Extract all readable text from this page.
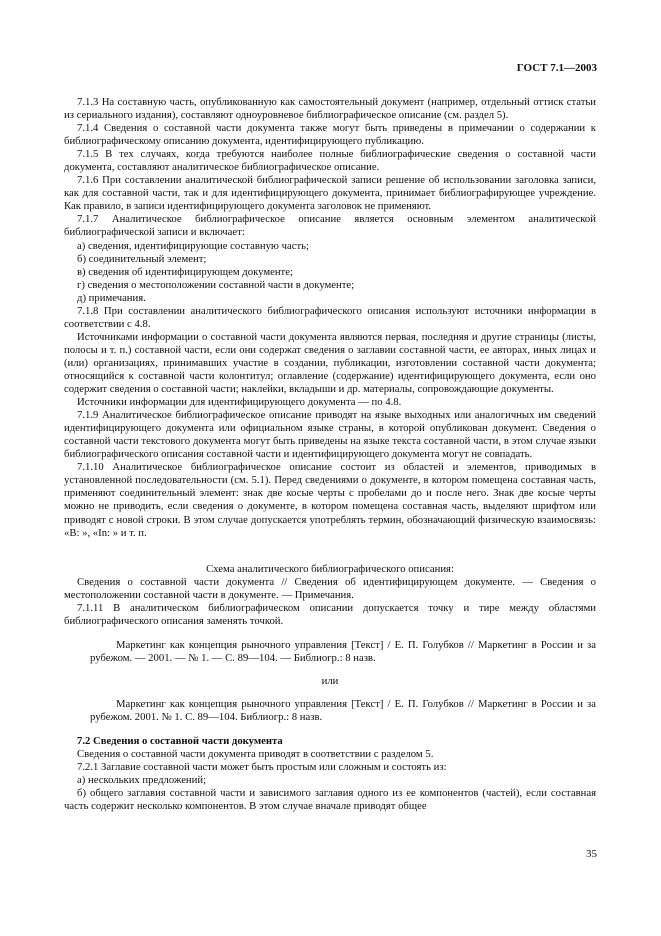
ГОСТ 7.1—2003

7.1.3 На составную часть, опубликованную как самостоятельный документ (например, отдельный оттиск статьи из сериального издания), составляют одноуровневое библиографическое описание (см. раздел 5).

7.1.4 Сведения о составной части документа также могут быть приведены в примечании о содержании к библиографическому описанию документа, идентифицирующего публикацию.

7.1.5 В тех случаях, когда требуются наиболее полные библиографические сведения о составной части документа, составляют аналитическое библиографическое описание.

7.1.6 При составлении аналитической библиографической записи решение об использовании заголовка записи, как для составной части, так и для идентифицирующего документа, принимает библиографирующее учреждение. Как правило, в записи идентифицирующего документа заголовок не применяют.

7.1.7 Аналитическое библиографическое описание является основным элементом аналитической библиографической записи и включает:

а) сведения, идентифицирующие составную часть;

б) соединительный элемент;

в) сведения об идентифицирующем документе;

г) сведения о местоположении составной части в документе;

д) примечания.

7.1.8 При составлении аналитического библиографического описания используют источники информации в соответствии с 4.8.

Источниками информации о составной части документа являются первая, последняя и другие страницы (листы, полосы и т. п.) составной части, если они содержат сведения о заглавии составной части, ее авторах, иных лицах и (или) организациях, принимавших участие в создании, публикации, изготовлении составной части документа; относящийся к составной части колонтитул; оглавление (содержание) идентифицирующего документа, если оно содержит сведения о составной части; наклейки, вкладыши и др. материалы, сопровождающие документы.

Источники информации для идентифицирующего документа — по 4.8.

7.1.9 Аналитическое библиографическое описание приводят на языке выходных или аналогичных им сведений идентифицирующего документа или официальном языке страны, в которой опубликован документ. Сведения о составной части текстового документа могут быть приведены на языке текста составной части, в этом случае языки библиографического описания составной части и идентифицирующего документа могут не совпадать.

7.1.10 Аналитическое библиографическое описание состоит из областей и элементов, приводимых в установленной последовательности (см. 5.1). Перед сведениями о документе, в котором помещена составная часть, применяют соединительный элемент: знак две косые черты с пробелами до и после него. Знак две косые черты можно не приводить, если сведения о документе, в котором помещена составная часть, выделяют шрифтом или приводят с новой строки. В этом случае допускается употреблять термин, обозначающий физическую взаимосвязь: «В: », «In: » и т. п.

Схема аналитического библиографического описания:

Сведения о составной части документа // Сведения об идентифицирующем документе. — Сведения о местоположении составной части в документе. — Примечания.

7.1.11 В аналитическом библиографическом описании допускается точку и тире между областями библиографического описания заменять точкой.

Маркетинг как концепция рыночного управления [Текст] / Е. П. Голубков // Маркетинг в России и за рубежом. — 2001. — № 1. — С. 89—104. — Библиогр.: 8 назв.

или

Маркетинг как концепция рыночного управления [Текст] / Е. П. Голубков // Маркетинг в России и за рубежом. 2001. № 1. С. 89—104. Библиогр.: 8 назв.

7.2 Сведения о составной части документа

Сведения о составной части документа приводят в соответствии с разделом 5.

7.2.1 Заглавие составной части может быть простым или сложным и состоять из:

а) нескольких предложений;

б) общего заглавия составной части и зависимого заглавия одного из ее компонентов (частей), если составная часть содержит несколько компонентов. В этом случае вначале приводят общее

35
